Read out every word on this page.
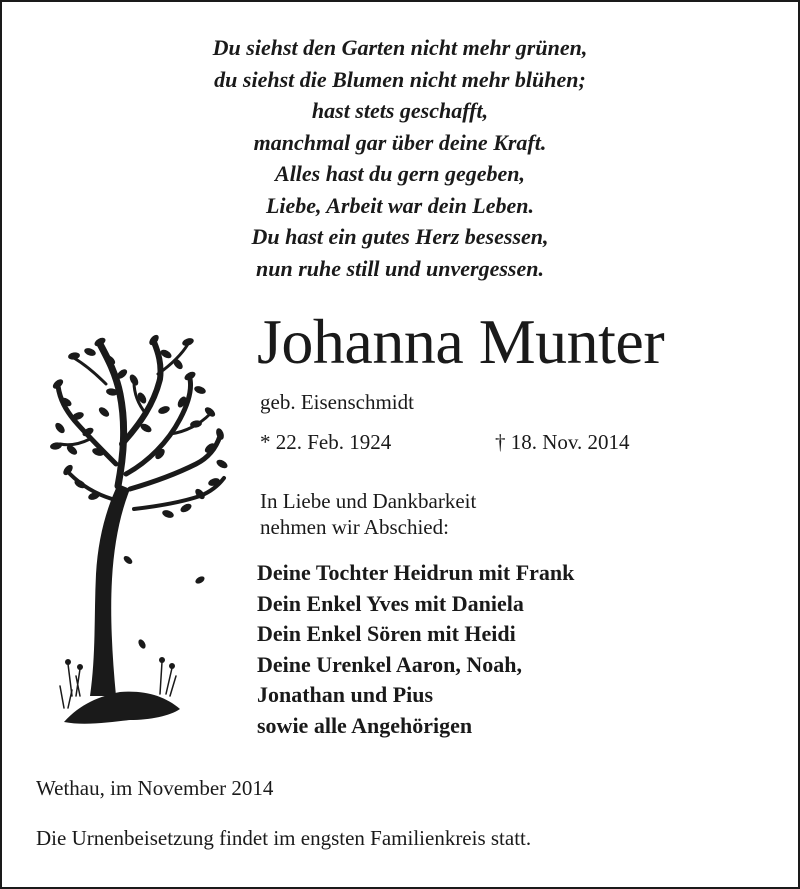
Du siehst den Garten nicht mehr grünen,
du siehst die Blumen nicht mehr blühen;
hast stets geschafft,
manchmal gar über deine Kraft.
Alles hast du gern gegeben,
Liebe, Arbeit war dein Leben.
Du hast ein gutes Herz besessen,
nun ruhe still und unvergessen.
Johanna Munter
geb. Eisenschmidt
* 22. Feb. 1924	† 18. Nov. 2014
In Liebe und Dankbarkeit
nehmen wir Abschied:
Deine Tochter Heidrun mit Frank
Dein Enkel Yves mit Daniela
Dein Enkel Sören mit Heidi
Deine Urenkel Aaron, Noah,
Jonathan und Pius
sowie alle Angehörigen
Wethau, im November 2014
Die Urnenbeisetzung findet im engsten Familienkreis statt.
